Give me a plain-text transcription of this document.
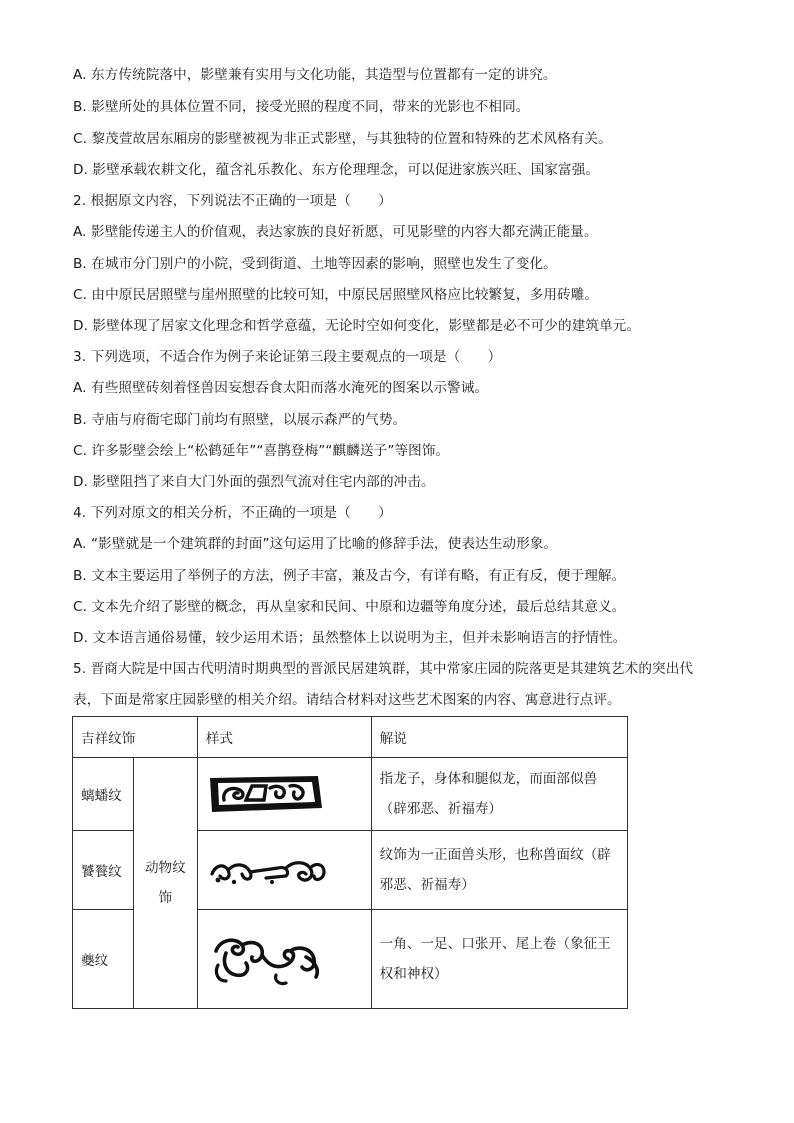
A. 东方传统院落中，影壁兼有实用与文化功能，其造型与位置都有一定的讲究。
B. 影壁所处的具体位置不同，接受光照的程度不同，带来的光影也不相同。
C. 黎茂萱故居东厢房的影壁被视为非正式影壁，与其独特的位置和特殊的艺术风格有关。
D. 影壁承载农耕文化，蕴含礼乐教化、东方伦理理念，可以促进家族兴旺、国家富强。
2. 根据原文内容，下列说法不正确的一项是（　　）
A. 影壁能传递主人的价值观，表达家族的良好祈愿，可见影壁的内容大都充满正能量。
B. 在城市分门别户的小院，受到街道、土地等因素的影响，照壁也发生了变化。
C. 由中原民居照壁与崖州照壁的比较可知，中原民居照壁风格应比较繁复，多用砖雕。
D. 影壁体现了居家文化理念和哲学意蕴，无论时空如何变化，影壁都是必不可少的建筑单元。
3. 下列选项，不适合作为例子来论证第三段主要观点的一项是（　　）
A. 有些照壁砖刻着怪兽因妄想吞食太阳而落水淹死的图案以示警诫。
B. 寺庙与府衙宅邸门前均有照壁，以展示森严的气势。
C. 许多影壁会绘上“松鹤延年”“喜鹊登梅”“麒麟送子”等图饰。
D. 影壁阻挡了来自大门外面的强烈气流对住宅内部的冲击。
4. 下列对原文的相关分析，不正确的一项是（　　）
A. “影壁就是一个建筑群的封面”这句运用了比喻的修辞手法，使表达生动形象。
B. 文本主要运用了举例子的方法，例子丰富，兼及古今，有详有略，有正有反，便于理解。
C. 文本先介绍了影壁的概念，再从皇家和民间、中原和边疆等角度分述，最后总结其意义。
D. 文本语言通俗易懂，较少运用术语；虽然整体上以说明为主，但并未影响语言的抒情性。
5. 晋商大院是中国古代明清时期典型的晋派民居建筑群，其中常家庄园的院落更是其建筑艺术的突出代
表，下面是常家庄园影壁的相关介绍。请结合材料对这些艺术图案的内容、寓意进行点评。
吉祥纹饰		样式	解说
螭蟠纹	动物纹饰		指龙子，身体和腿似龙，而面部似兽（辟邪恶、祈福寿）

饕餮纹			纹饰为一正面兽头形，也称兽面纹（辟邪恶、祈福寿）

夔纹			一角、一足、口张开、尾上卷（象征王权和神权）
